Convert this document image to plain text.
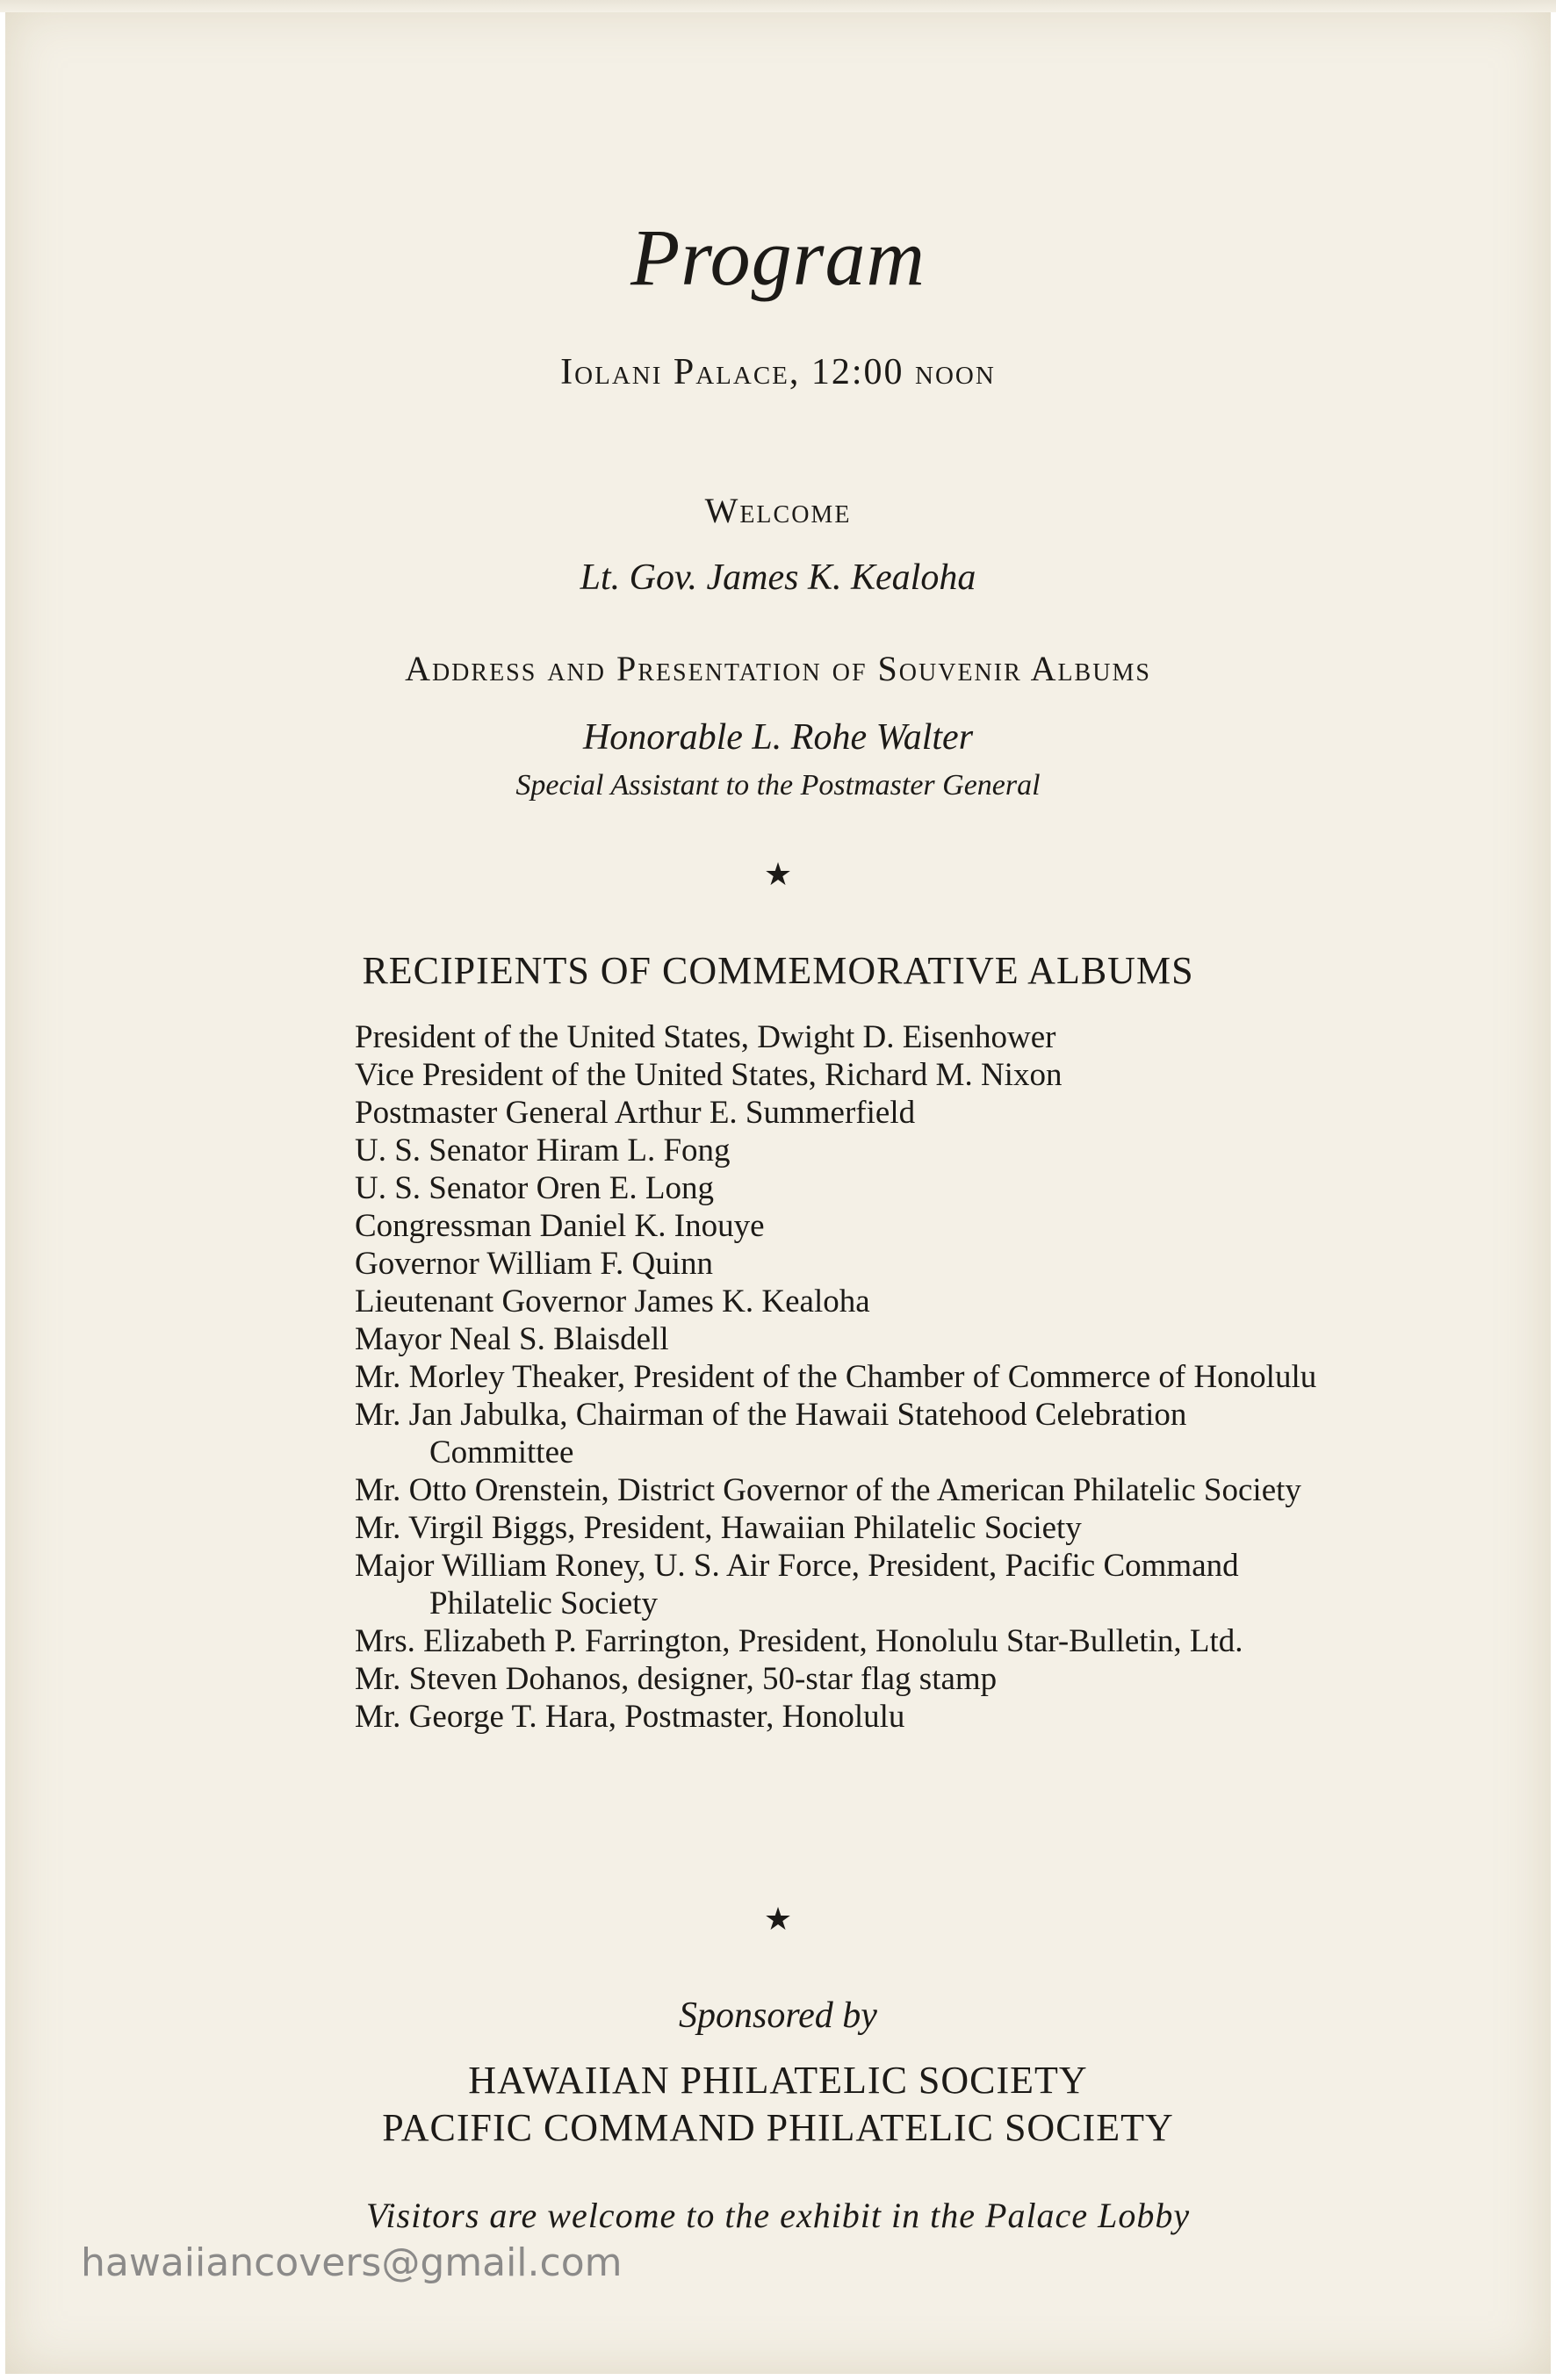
Program
Iolani Palace, 12:00 noon
Welcome
Lt. Gov. James K. Kealoha
Address and Presentation of Souvenir Albums
Honorable L. Rohe Walter
Special Assistant to the Postmaster General
★
RECIPIENTS OF COMMEMORATIVE ALBUMS
President of the United States, Dwight D. Eisenhower
Vice President of the United States, Richard M. Nixon
Postmaster General Arthur E. Summerfield
U. S. Senator Hiram L. Fong
U. S. Senator Oren E. Long
Congressman Daniel K. Inouye
Governor William F. Quinn
Lieutenant Governor James K. Kealoha
Mayor Neal S. Blaisdell
Mr. Morley Theaker, President of the Chamber of Commerce of Honolulu
Mr. Jan Jabulka, Chairman of the Hawaii Statehood Celebration Committee
Mr. Otto Orenstein, District Governor of the American Philatelic Society
Mr. Virgil Biggs, President, Hawaiian Philatelic Society
Major William Roney, U. S. Air Force, President, Pacific Command Philatelic Society
Mrs. Elizabeth P. Farrington, President, Honolulu Star-Bulletin, Ltd.
Mr. Steven Dohanos, designer, 50-star flag stamp
Mr. George T. Hara, Postmaster, Honolulu
★
Sponsored by
HAWAIIAN PHILATELIC SOCIETY
PACIFIC COMMAND PHILATELIC SOCIETY
Visitors are welcome to the exhibit in the Palace Lobby
hawaiiancovers@gmail.com
